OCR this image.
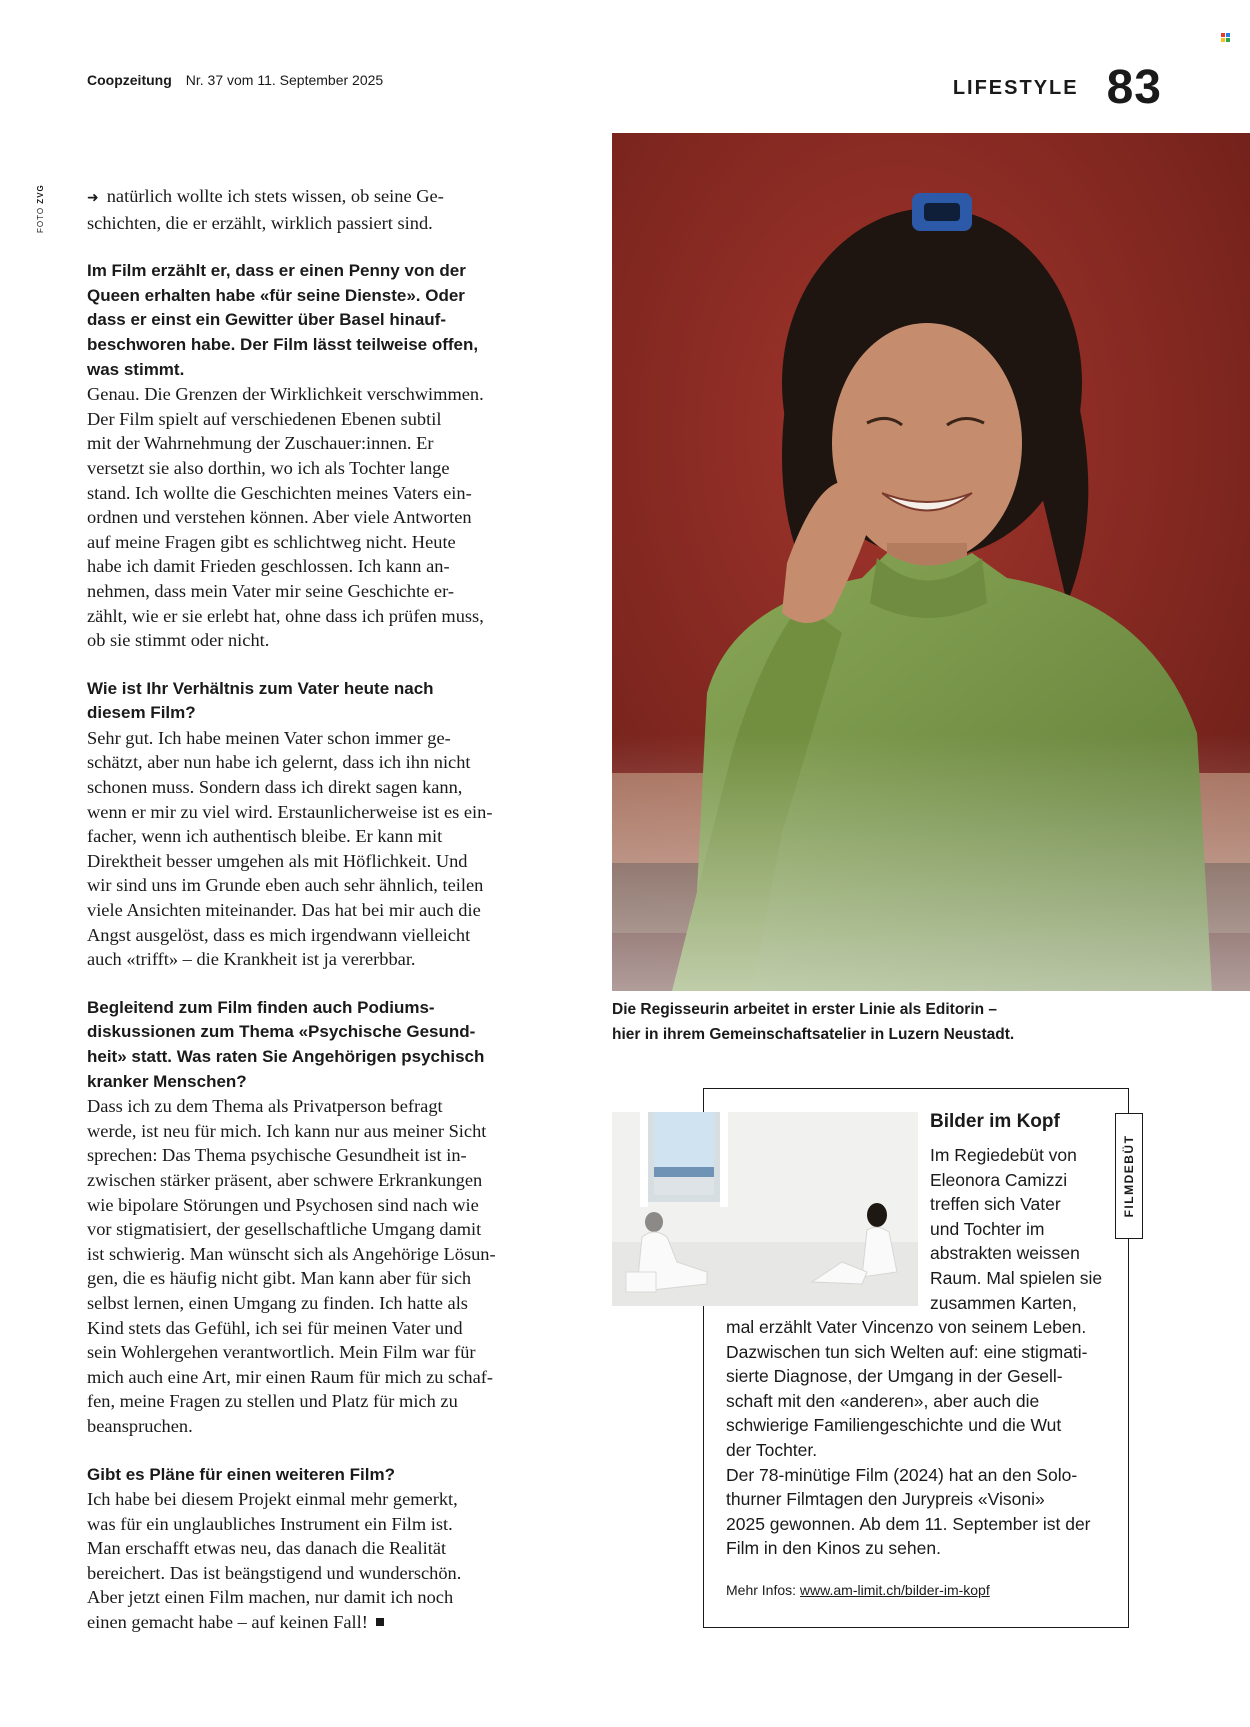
Coopzeitung Nr. 37 vom 11. September 2025	LIFESTYLE 83
FOTO ZVG	➜ natürlich wollte ich stets wissen, ob seine Ge-

schichten, die er erzählt, wirklich passiert sind.

Im Film erzählt er, dass er einen Penny von der

Queen erhalten habe «für seine Dienste». Oder

dass er einst ein Gewitter über Basel hinauf-

beschworen habe. Der Film lässt teilweise offen,

was stimmt.

Genau. Die Grenzen der Wirklichkeit verschwimmen.

Der Film spielt auf verschiedenen Ebenen subtil

mit der Wahrnehmung der Zuschauer:innen. Er

versetzt sie also dorthin, wo ich als Tochter lange

stand. Ich wollte die Geschichten meines Vaters ein-

ordnen und verstehen können. Aber viele Antworten

auf meine Fragen gibt es schlichtweg nicht. Heute

habe ich damit Frieden geschlossen. Ich kann an-

nehmen, dass mein Vater mir seine Geschichte er-

zählt, wie er sie erlebt hat, ohne dass ich prüfen muss,

ob sie stimmt oder nicht.

Wie ist Ihr Verhältnis zum Vater heute nach

diesem Film?

Sehr gut. Ich habe meinen Vater schon immer ge-

schätzt, aber nun habe ich gelernt, dass ich ihn nicht

schonen muss. Sondern dass ich direkt sagen kann,

wenn er mir zu viel wird. Erstaunlicherweise ist es ein-

facher, wenn ich authentisch bleibe. Er kann mit

Direktheit besser umgehen als mit Höflichkeit. Und

wir sind uns im Grunde eben auch sehr ähnlich, teilen

viele Ansichten miteinander. Das hat bei mir auch die

Angst ausgelöst, dass es mich irgendwann vielleicht

auch «trifft» – die Krankheit ist ja vererbbar.

Begleitend zum Film finden auch Podiums-

diskussionen zum Thema «Psychische Gesund-

heit» statt. Was raten Sie Angehörigen psychisch

kranker Menschen?

Dass ich zu dem Thema als Privatperson befragt

werde, ist neu für mich. Ich kann nur aus meiner Sicht

sprechen: Das Thema psychische Gesundheit ist in-

zwischen stärker präsent, aber schwere Erkrankungen

wie bipolare Störungen und Psychosen sind nach wie

vor stigmatisiert, der gesellschaftliche Umgang damit

ist schwierig. Man wünscht sich als Angehörige Lösun-

gen, die es häufig nicht gibt. Man kann aber für sich

selbst lernen, einen Umgang zu finden. Ich hatte als

Kind stets das Gefühl, ich sei für meinen Vater und

sein Wohlergehen verantwortlich. Mein Film war für

mich auch eine Art, mir einen Raum für mich zu schaf-

fen, meine Fragen zu stellen und Platz für mich zu

beanspruchen.

Gibt es Pläne für einen weiteren Film?

Ich habe bei diesem Projekt einmal mehr gemerkt,

was für ein unglaubliches Instrument ein Film ist.

Man erschafft etwas neu, das danach die Realität

bereichert. Das ist beängstigend und wunderschön.

Aber jetzt einen Film machen, nur damit ich noch

einen gemacht habe – auf keinen Fall!

Die Regisseurin arbeitet in erster Linie als Editorin –
hier in ihrem Gemeinschaftsatelier in Luzern Neustadt.
FILMDEBÜT
Bilder im Kopf
Im Regiedebüt von
Eleonora Camizzi
treffen sich Vater
und Tochter im
abstrakten weissen
Raum. Mal spielen sie
zusammen Karten,
mal erzählt Vater Vincenzo von seinem Leben.
Dazwischen tun sich Welten auf: eine stigmati-
sierte Diagnose, der Umgang in der Gesell-
schaft mit den «anderen», aber auch die
schwierige Familiengeschichte und die Wut
der Tochter.
Der 78-minütige Film (2024) hat an den Solo-
thurner Filmtagen den Jurypreis «Visoni»
2025 gewonnen. Ab dem 11. September ist der
Film in den Kinos zu sehen.
Mehr Infos: www.am-limit.ch/bilder-im-kopf
